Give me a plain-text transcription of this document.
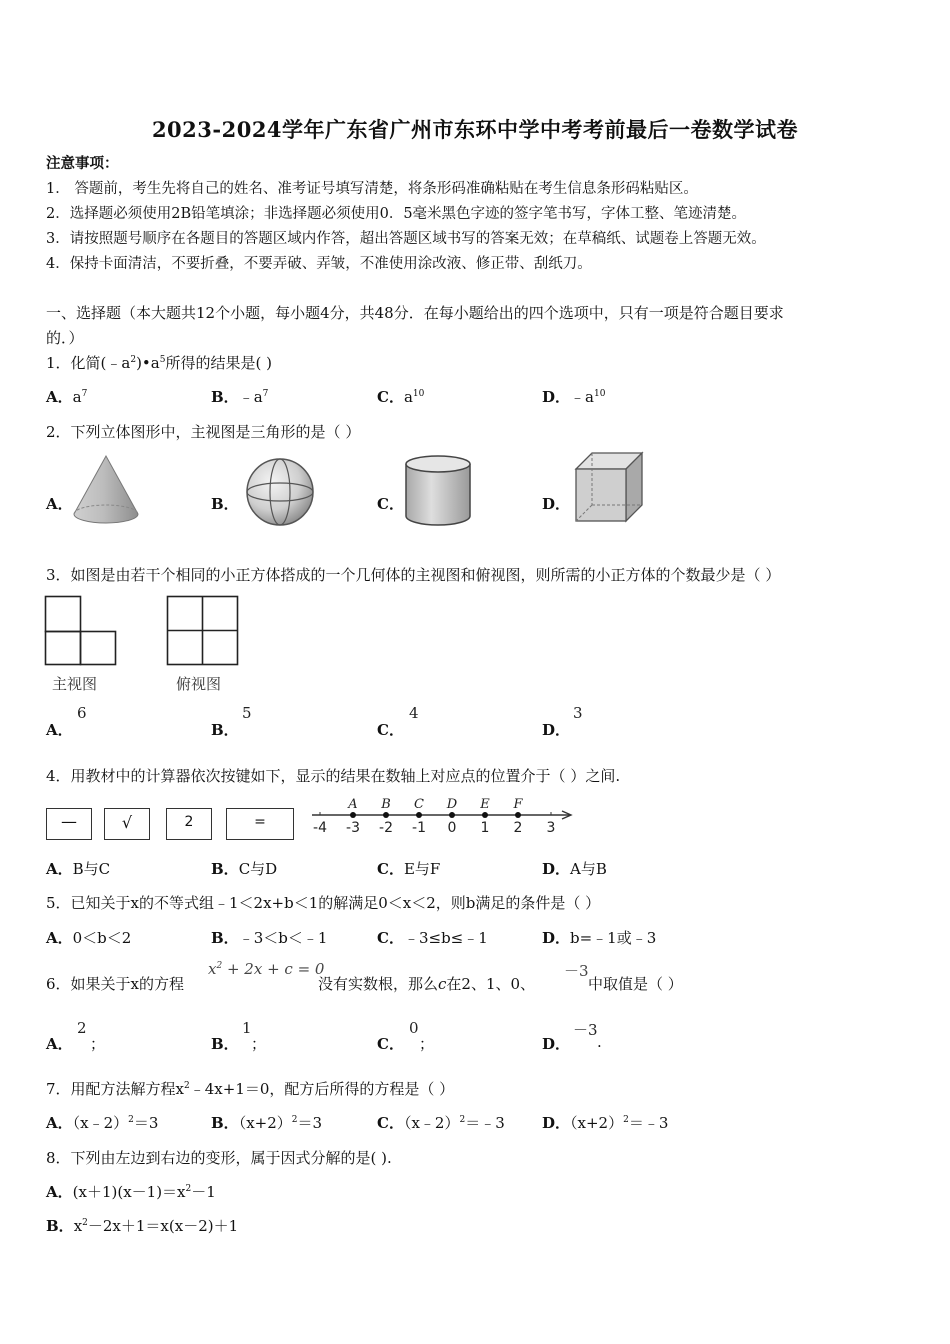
2023-2024学年广东省广州市东环中学中考考前最后一卷数学试卷
注意事项：
1． 答题前，考生先将自己的姓名、准考证号填写清楚，将条形码准确粘贴在考生信息条形码粘贴区。
2．选择题必须使用2B铅笔填涂；非选择题必须使用0．5毫米黑色字迹的签字笔书写，字体工整、笔迹清楚。
3．请按照题号顺序在各题目的答题区域内作答，超出答题区域书写的答案无效；在草稿纸、试题卷上答题无效。
4．保持卡面清洁，不要折叠，不要弄破、弄皱，不准使用涂改液、修正带、刮纸刀。
一、选择题（本大题共12个小题，每小题4分，共48分．在每小题给出的四个选项中，只有一项是符合题目要求
的．）
1．化简$(﹣a^2)•a^5$所得的结果是( )
A．$a^7$	B．$﹣a^7$	C．$a^{10}$	D．$﹣a^{10}$
2．下列立体图形中，主视图是三角形的是（ ）
A．	B．	C．	D．
3．如图是由若干个相同的小正方体搭成的一个几何体的主视图和俯视图，则所需的小正方体的个数最少是（ ）
主视图	俯视图
A．
6
B．
5
C．
4
D．
3
4．用教材中的计算器依次按键如下，显示的结果在数轴上对应点的位置介于（ ）之间.
—	√	2	=	-4 -3 -2 -1 0 1 2 3
A B C D E F
A．B与C	B．C与D	C．E与F	D．A与B
5．已知关于x的不等式组﹣1＜2x+b＜1的解满足0＜x＜2，则b满足的条件是（ ）
A．0＜b＜2	B．﹣3＜b＜﹣1	C．﹣3≤b≤﹣1	D．b=﹣1或﹣3
6．如果关于x的方程
$x^2 + 2x + c = 0$
没有实数根，那么c在2、1、0、
－3
中取值是（ ）
A．
2
；	B．
1
；	C．
0
；	D．
－3
.
7．用配方法解方程$x^2﹣4x+1=0$，配方后所得的方程是（ ）
A．（x﹣2）$^2$＝3	B．$(x+2)^2=3$	C．（x﹣2）$^2$＝﹣3 D．$(x+2)^2=﹣3$
8．下列由左边到右边的变形，属于因式分解的是( ).
A．$(x+1)(x-1)=x^2-1$
B．$x^2-2x+1=x(x-2)+1$
